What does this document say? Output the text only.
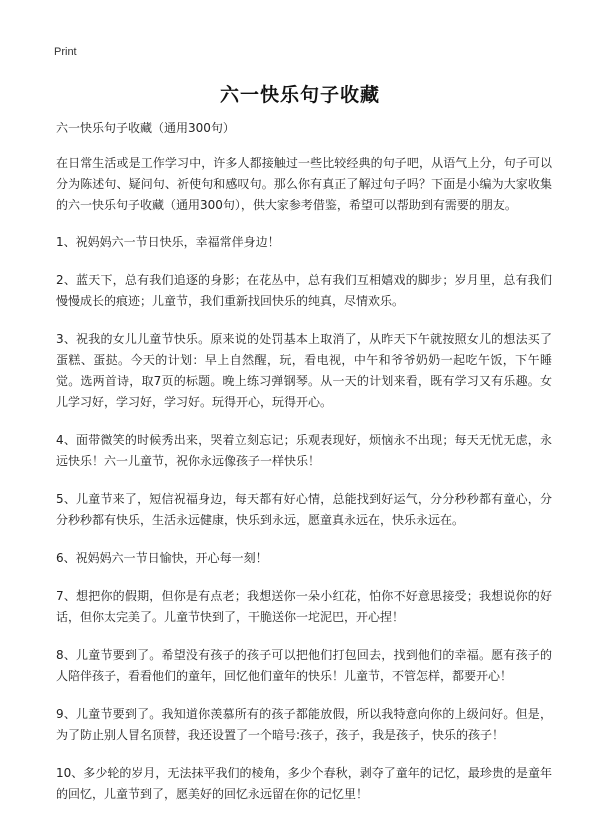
Print
六一快乐句子收藏

六一快乐句子收藏（通用300句）

在日常生活或是工作学习中，许多人都接触过一些比较经典的句子吧，从语气上分，句子可以分为陈述句、疑问句、祈使句和感叹句。那么你有真正了解过句子吗？下面是小编为大家收集的六一快乐句子收藏（通用300句），供大家参考借鉴，希望可以帮助到有需要的朋友。

1、祝妈妈六一节日快乐，幸福常伴身边！

2、蓝天下，总有我们追逐的身影；在花丛中，总有我们互相嬉戏的脚步；岁月里，总有我们慢慢成长的痕迹；儿童节，我们重新找回快乐的纯真，尽情欢乐。

3、祝我的女儿儿童节快乐。原来说的处罚基本上取消了，从昨天下午就按照女儿的想法买了蛋糕、蛋挞。今天的计划：早上自然醒，玩，看电视，中午和爷爷奶奶一起吃午饭，下午睡觉。选两首诗，取7页的标题。晚上练习弹钢琴。从一天的计划来看，既有学习又有乐趣。女儿学习好，学习好，学习好。玩得开心，玩得开心。

4、面带微笑的时候秀出来，哭着立刻忘记；乐观表现好，烦恼永不出现；每天无忧无虑，永远快乐！六一儿童节，祝你永远像孩子一样快乐！

5、儿童节来了，短信祝福身边，每天都有好心情，总能找到好运气，分分秒秒都有童心，分分秒秒都有快乐，生活永远健康，快乐到永远，愿童真永远在，快乐永远在。

6、祝妈妈六一节日愉快，开心每一刻！

7、想把你的假期，但你是有点老；我想送你一朵小红花，怕你不好意思接受；我想说你的好话，但你太完美了。儿童节快到了，干脆送你一坨泥巴，开心捏！

8、儿童节要到了。希望没有孩子的孩子可以把他们打包回去，找到他们的幸福。愿有孩子的人陪伴孩子，看看他们的童年，回忆他们童年的快乐！儿童节，不管怎样，都要开心！

9、儿童节要到了。我知道你羡慕所有的孩子都能放假，所以我特意向你的上级问好。但是，为了防止别人冒名顶替，我还设置了一个暗号:孩子，孩子，我是孩子，快乐的孩子！

10、多少轮的岁月，无法抹平我们的棱角，多少个春秋，剥夺了童年的记忆，最珍贵的是童年的回忆，儿童节到了，愿美好的回忆永远留在你的记忆里！
